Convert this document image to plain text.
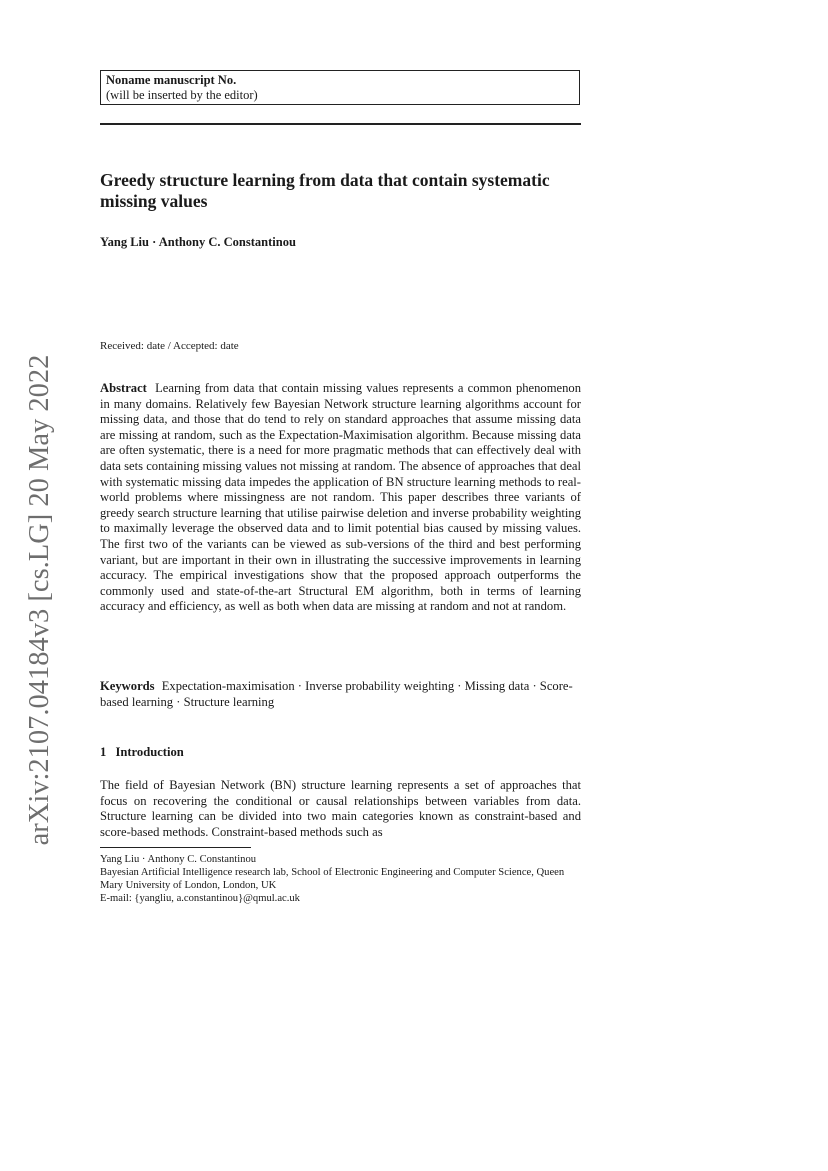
Noname manuscript No.
(will be inserted by the editor)
Greedy structure learning from data that contain systematic missing values

Yang Liu · Anthony C. Constantinou

Received: date / Accepted: date

Abstract Learning from data that contain missing values represents a common phenomenon in many domains. Relatively few Bayesian Network structure learning algorithms account for missing data, and those that do tend to rely on standard approaches that assume missing data are missing at random, such as the Expectation-Maximisation algorithm. Because missing data are often systematic, there is a need for more pragmatic methods that can effectively deal with data sets containing missing values not missing at random. The absence of approaches that deal with systematic missing data impedes the application of BN structure learning methods to real-world problems where missingness are not random. This paper describes three variants of greedy search structure learning that utilise pairwise deletion and inverse probability weighting to maximally leverage the observed data and to limit potential bias caused by missing values. The first two of the variants can be viewed as sub-versions of the third and best performing variant, but are important in their own in illustrating the successive improvements in learning accuracy. The empirical investigations show that the proposed approach outperforms the commonly used and state-of-the-art Structural EM algorithm, both in terms of learning accuracy and efficiency, as well as both when data are missing at random and not at random.

Keywords Expectation-maximisation · Inverse probability weighting · Missing data · Score-based learning · Structure learning

1 Introduction

The field of Bayesian Network (BN) structure learning represents a set of approaches that focus on recovering the conditional or causal relationships between variables from data. Structure learning can be divided into two main categories known as constraint-based and score-based methods. Constraint-based methods such as

Yang Liu · Anthony C. Constantinou
Bayesian Artificial Intelligence research lab, School of Electronic Engineering and Computer Science, Queen Mary University of London, London, UK
E-mail: {yangliu, a.constantinou}@qmul.ac.uk
arXiv:2107.04184v3 [cs.LG] 20 May 2022
